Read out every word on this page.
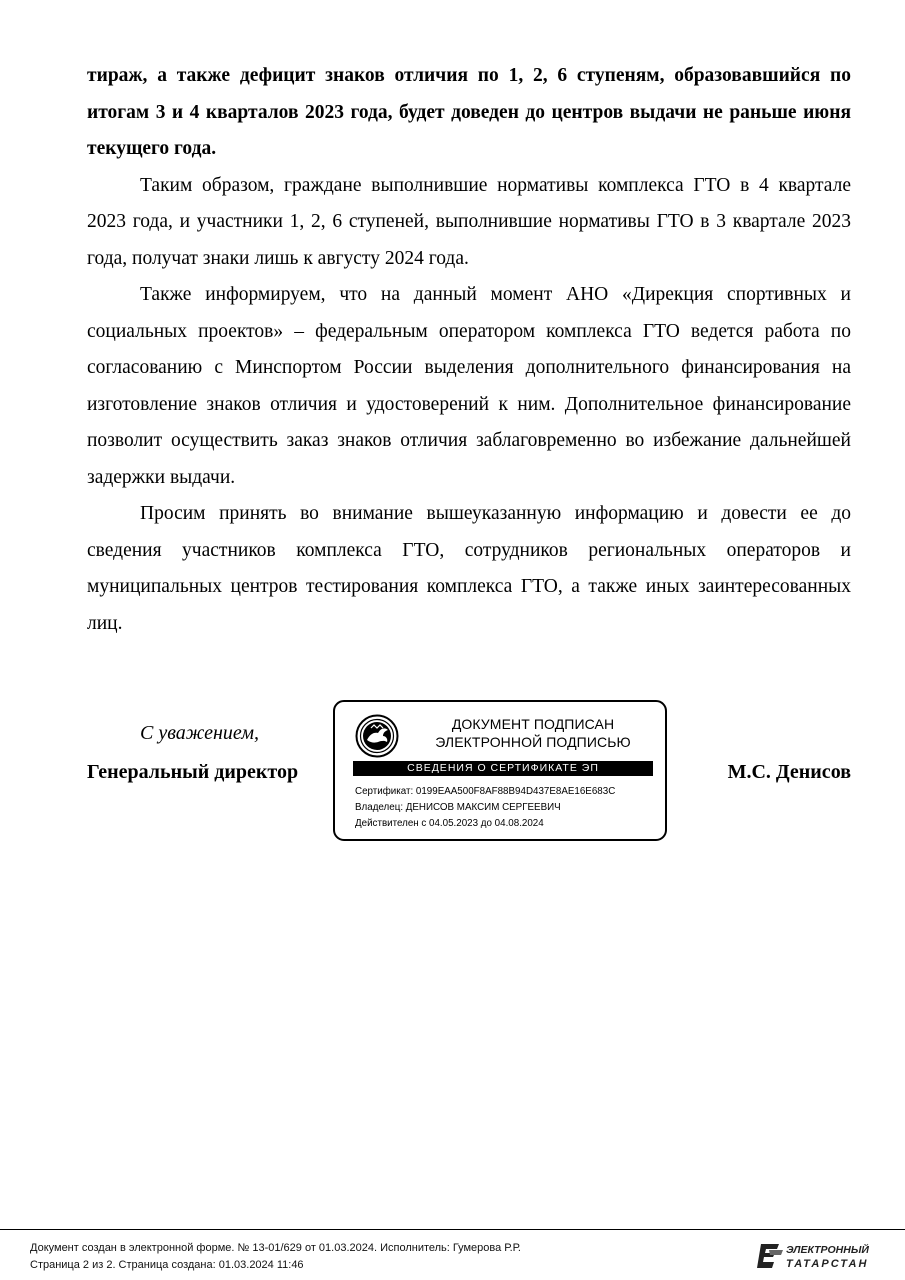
тираж, а также дефицит знаков отличия по 1, 2, 6 ступеням, образовавшийся по итогам 3 и 4 кварталов 2023 года, будет доведен до центров выдачи не раньше июня текущего года.

Таким образом, граждане выполнившие нормативы комплекса ГТО в 4 квартале 2023 года, и участники 1, 2, 6 ступеней, выполнившие нормативы ГТО в 3 квартале 2023 года, получат знаки лишь к августу 2024 года.

Также информируем, что на данный момент АНО «Дирекция спортивных и социальных проектов» – федеральным оператором комплекса ГТО ведется работа по согласованию с Минспортом России выделения дополнительного финансирования на изготовление знаков отличия и удостоверений к ним. Дополнительное финансирование позволит осуществить заказ знаков отличия заблаговременно во избежание дальнейшей задержки выдачи.

Просим принять во внимание вышеуказанную информацию и довести ее до сведения участников комплекса ГТО, сотрудников региональных операторов и муниципальных центров тестирования комплекса ГТО, а также иных заинтересованных лиц.

С уважением,
Генеральный директор	М.С. Денисов
ДОКУМЕНТ ПОДПИСАН
ЭЛЕКТРОННОЙ ПОДПИСЬЮ
СВЕДЕНИЯ О СЕРТИФИКАТЕ ЭП
Сертификат: 0199EAA500F8AF88B94D437E8AE16E683C
Владелец: ДЕНИСОВ МАКСИМ СЕРГЕЕВИЧ
Действителен с 04.05.2023 до 04.08.2024
Документ создан в электронной форме. № 13-01/629 от 01.03.2024. Исполнитель: Гумерова Р.Р.
Страница 2 из 2. Страница создана: 01.03.2024 11:46
ЭЛЕКТРОННЫЙ
ТАТАРСТАН
